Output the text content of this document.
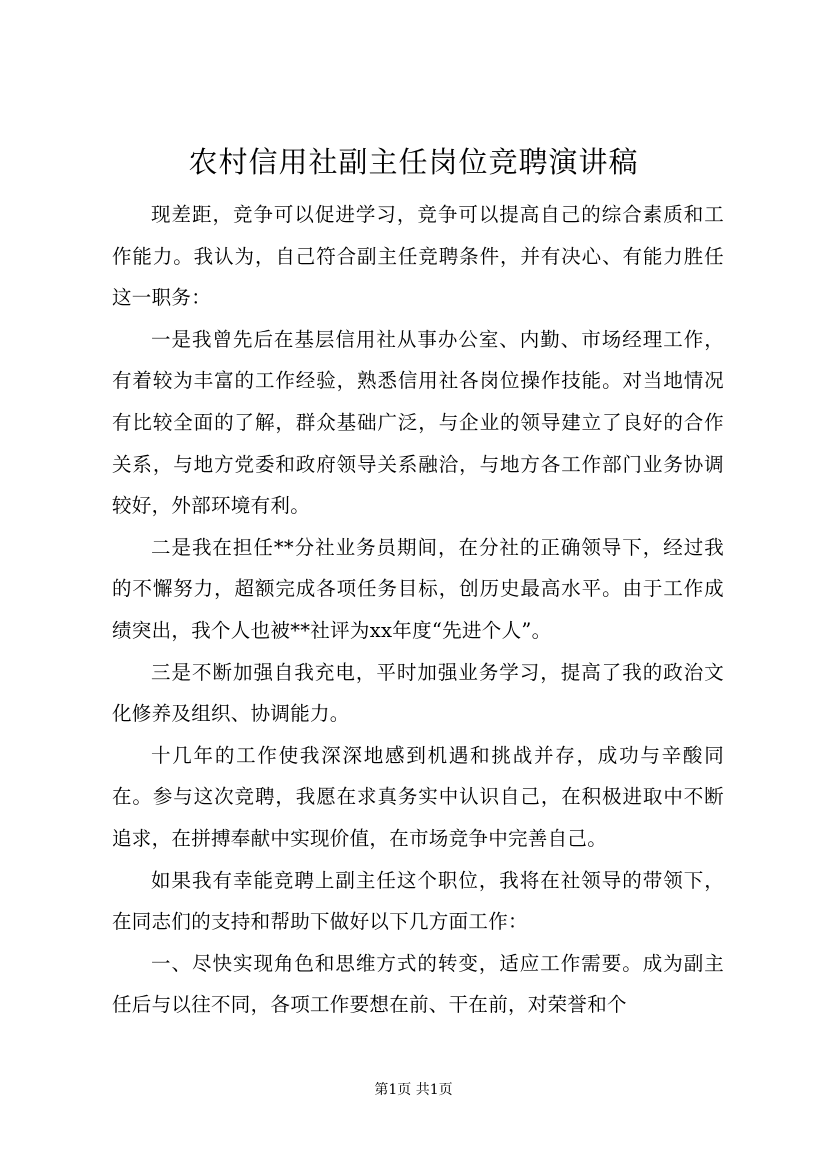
农村信用社副主任岗位竞聘演讲稿

现差距，竞争可以促进学习，竞争可以提高自己的综合素质和工作能力。我认为，自己符合副主任竞聘条件，并有决心、有能力胜任这一职务：

一是我曾先后在基层信用社从事办公室、内勤、市场经理工作，有着较为丰富的工作经验，熟悉信用社各岗位操作技能。对当地情况有比较全面的了解，群众基础广泛，与企业的领导建立了良好的合作关系，与地方党委和政府领导关系融洽，与地方各工作部门业务协调较好，外部环境有利。

二是我在担任**分社业务员期间，在分社的正确领导下，经过我的不懈努力，超额完成各项任务目标，创历史最高水平。由于工作成绩突出，我个人也被**社评为xx年度“先进个人”。

三是不断加强自我充电，平时加强业务学习，提高了我的政治文化修养及组织、协调能力。

十几年的工作使我深深地感到机遇和挑战并存，成功与辛酸同在。参与这次竞聘，我愿在求真务实中认识自己，在积极进取中不断追求，在拼搏奉献中实现价值，在市场竞争中完善自己。

如果我有幸能竞聘上副主任这个职位，我将在社领导的带领下，在同志们的支持和帮助下做好以下几方面工作：

一、尽快实现角色和思维方式的转变，适应工作需要。成为副主任后与以往不同，各项工作要想在前、干在前，对荣誉和个

第1页 共1页
